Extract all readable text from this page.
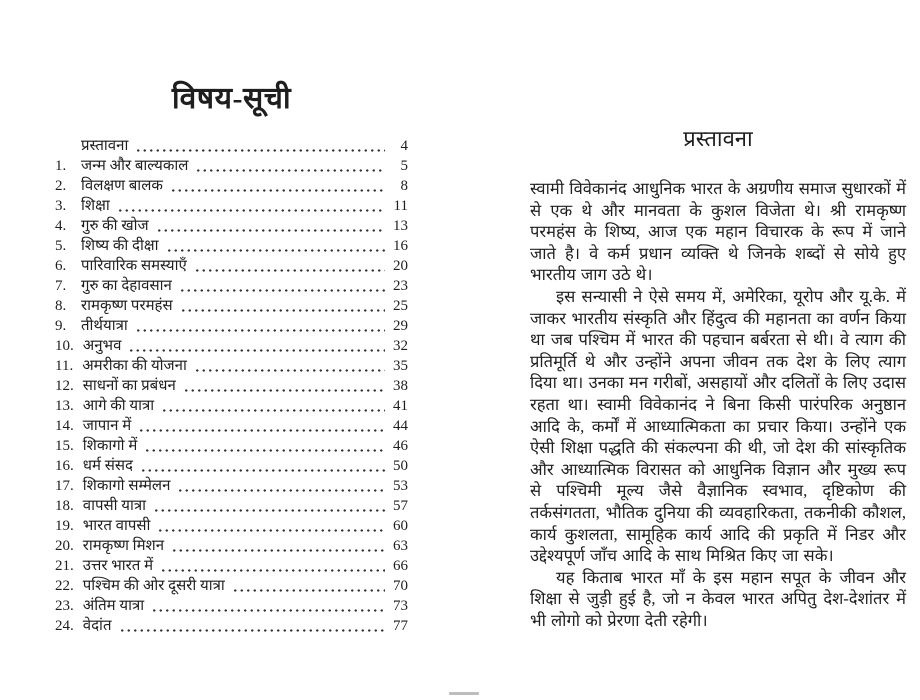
विषय-सूची
प्रस्तावना	4
1. जन्म और बाल्यकाल	5
2. विलक्षण बालक	8
3. शिक्षा	11
4. गुरु की खोज	13
5. शिष्य की दीक्षा	16
6. पारिवारिक समस्याएँ	20
7. गुरु का देहावसान	23
8. रामकृष्ण परमहंस	25
9. तीर्थयात्रा	29
10. अनुभव	32
11. अमरीका की योजना	35
12. साधनों का प्रबंधन	38
13. आगे की यात्रा	41
14. जापान में	44
15. शिकागो में	46
16. धर्म संसद	50
17. शिकागो सम्मेलन	53
18. वापसी यात्रा	57
19. भारत वापसी	60
20. रामकृष्ण मिशन	63
21. उत्तर भारत में	66
22. पश्चिम की ओर दूसरी यात्रा	70
23. अंतिम यात्रा	73
24. वेदांत	77
प्रस्तावना

स्वामी विवेकानंद आधुनिक भारत के अग्रणीय समाज सुधारकों में से एक थे और मानवता के कुशल विजेता थे। श्री रामकृष्ण परमहंस के शिष्य, आज एक महान विचारक के रूप में जाने जाते है। वे कर्म प्रधान व्यक्ति थे जिनके शब्दों से सोये हुए भारतीय जाग उठे थे।

इस सन्यासी ने ऐसे समय में, अमेरिका, यूरोप और यू.के. में जाकर भारतीय संस्कृति और हिंदुत्व की महानता का वर्णन किया था जब पश्चिम में भारत की पहचान बर्बरता से थी। वे त्याग की प्रतिमूर्ति थे और उन्होंने अपना जीवन तक देश के लिए त्याग दिया था। उनका मन गरीबों, असहायों और दलितों के लिए उदास रहता था। स्वामी विवेकानंद ने बिना किसी पारंपरिक अनुष्ठान आदि के, कर्मों में आध्यात्मिकता का प्रचार किया। उन्होंने एक ऐसी शिक्षा पद्धति की संकल्पना की थी, जो देश की सांस्कृतिक और आध्यात्मिक विरासत को आधुनिक विज्ञान और मुख्य रूप से पश्चिमी मूल्य जैसे वैज्ञानिक स्वभाव, दृष्टिकोण की तर्कसंगतता, भौतिक दुनिया की व्यवहारिकता, तकनीकी कौशल, कार्य कुशलता, सामूहिक कार्य आदि की प्रकृति में निडर और उद्देश्यपूर्ण जाँच आदि के साथ मिश्रित किए जा सके।

यह किताब भारत माँ के इस महान सपूत के जीवन और शिक्षा से जुड़ी हुई है, जो न केवल भारत अपितु देश-देशांतर में भी लोगो को प्रेरणा देती रहेगी।
